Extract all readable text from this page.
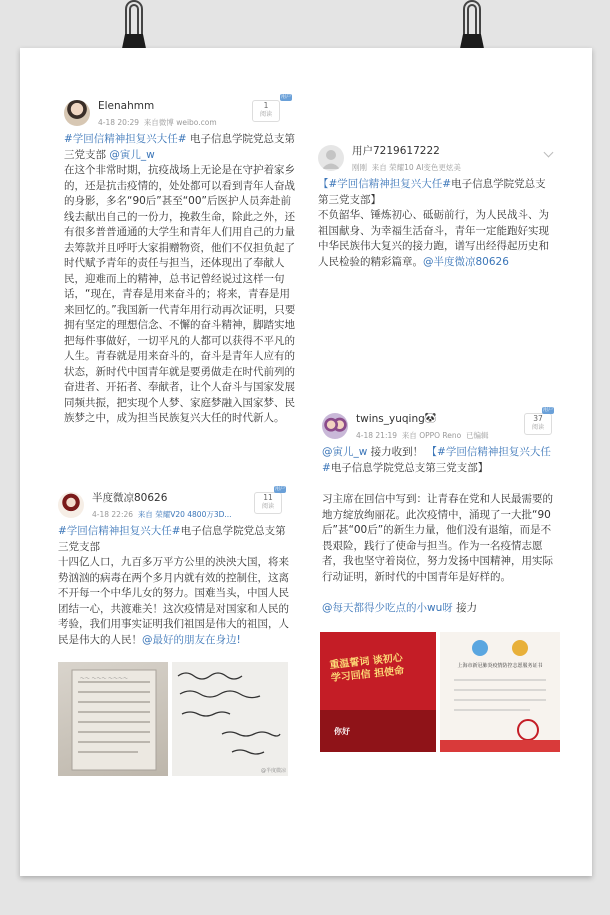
Elenahmm
4-18 20:29 来自微博 weibo.com
1
阅读
用户
#学回信精神担复兴大任# 电子信息学院党总支第三党支部 @寅儿_w
在这个非常时期，抗疫战场上无论是在守护着家乡的，还是抗击疫情的，处处都可以看到青年人奋战的身影，多名“90后”甚至“00”后医护人员奔赴前线去献出自己的一份力，挽救生命，除此之外，还有很多普普通通的大学生和青年人们用自己的力量去筹款并且呼吁大家捐赠物资，他们不仅担负起了时代赋予青年的责任与担当，还体现出了奉献人民，迎难而上的精神，总书记曾经说过这样一句话，“现在，青春是用来奋斗的；将来，青春是用来回忆的。”我国新一代青年用行动再次证明，只要拥有坚定的理想信念、不懈的奋斗精神，脚踏实地把每件事做好，一切平凡的人都可以获得不平凡的人生。青春就是用来奋斗的，奋斗是青年人应有的状态，新时代中国青年就是要勇做走在时代前列的奋进者、开拓者、奉献者，让个人奋斗与国家发展同频共振，把实现个人梦、家庭梦融入国家梦、民族梦之中，成为担当民族复兴大任的时代新人。
用户7219617222
刚刚 来自 荣耀10 AI变色更炫美
【#学回信精神担复兴大任#电子信息学院党总支第三党支部】
不负韶华、锤炼初心、砥砺前行，为人民战斗、为祖国献身、为幸福生活奋斗，青年一定能跑好实现中华民族伟大复兴的接力跑，谱写出经得起历史和人民检验的精彩篇章。@半度微凉80626
半度微凉80626
4-18 22:26 来自 荣耀V20 4800万3D...
11
阅读
用户
#学回信精神担复兴大任#电子信息学院党总支第三党支部
十四亿人口，九百多万平方公里的泱泱大国，将来势汹汹的病毒在两个多月内就有效的控制住，这离不开每一个中华儿女的努力。国难当头，中国人民团结一心，共渡难关！这次疫情是对国家和人民的考验，我们用事实证明我们祖国是伟大的祖国，人民是伟大的人民！@最好的朋友在身边!
～～ ～～～ ～～～～
@半度微凉
twins_yuqing 🐼
4-18 21:19 来自 OPPO Reno 已编辑
37
阅读
用户
@寅儿_w 接力收到！ 【#学回信精神担复兴大任#电子信息学院党总支第三党支部】
习主席在回信中写到：让青春在党和人民最需要的地方绽放绚丽花。此次疫情中，涌现了一大批“90后”甚“00后”的新生力量，他们没有退缩，而是不畏艰险，践行了使命与担当。作为一名疫情志愿者，我也坚守着岗位，努力发扬中国精神，用实际行动证明，新时代的中国青年是好样的。
@每天都得少吃点的小wu呀 接力
重温誓词 谈初心
学习回信 担使命
你好
上海市新冠肺炎疫情防控志愿服务证书
